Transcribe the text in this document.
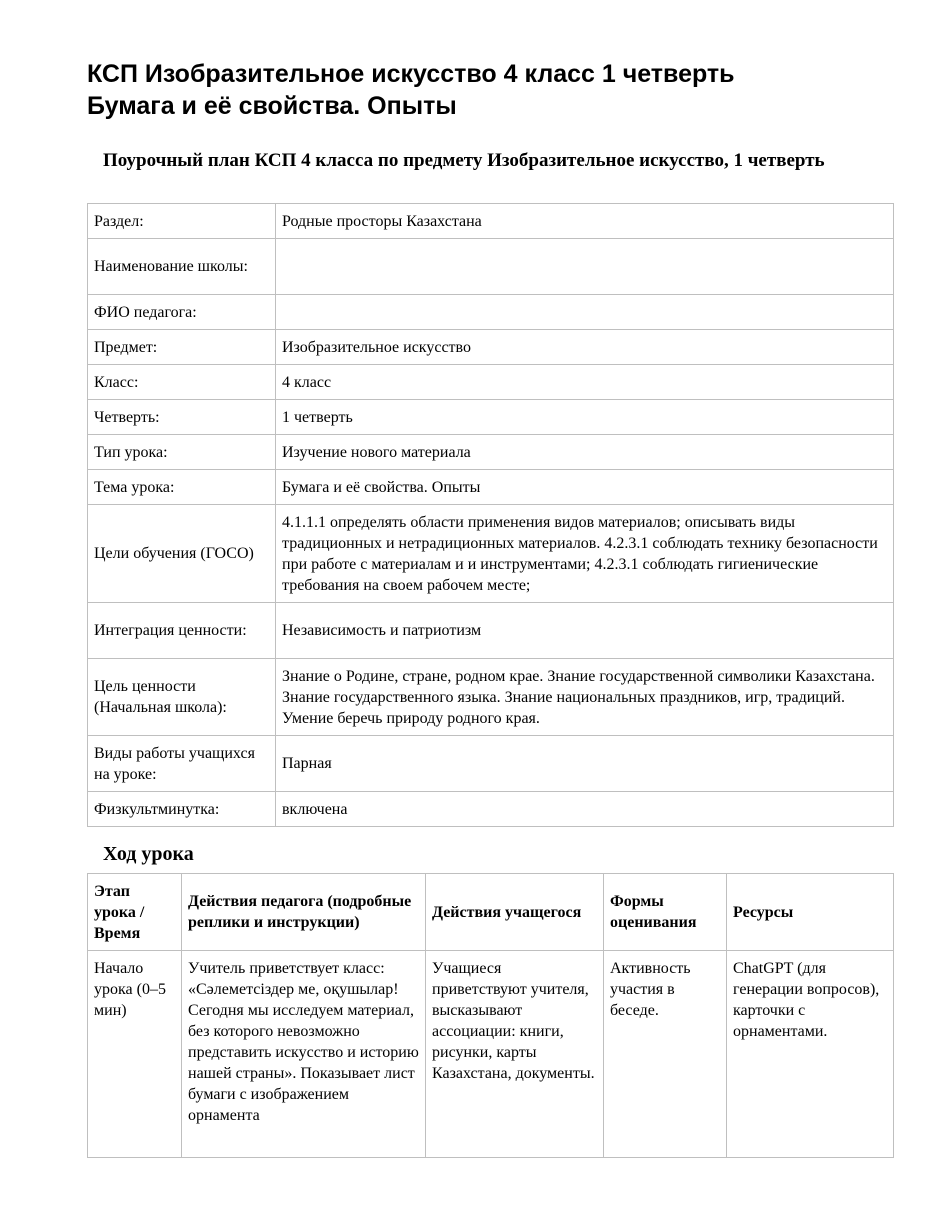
КСП Изобразительное искусство 4 класс 1 четверть
Бумага и её свойства. Опыты
Поурочный план КСП 4 класса по предмету Изобразительное искусство, 1 четверть
Раздел:	Родные просторы Казахстана
Наименование школы:	
ФИО педагога:	
Предмет:	Изобразительное искусство
Класс:	4 класс
Четверть:	1 четверть
Тип урока:	Изучение нового материала
Тема урока:	Бумага и её свойства. Опыты
Цели обучения (ГОСО)	4.1.1.1 определять области применения видов материалов; описывать виды традиционных и нетрадиционных материалов. 4.2.3.1 соблюдать технику безопасности при работе с материалам и и инструментами; 4.2.3.1 соблюдать гигиенические требования на своем рабочем месте;
Интеграция ценности:	Независимость и патриотизм
Цель ценности (Начальная школа):	Знание о Родине, стране, родном крае. Знание государственной символики Казахстана. Знание государственного языка. Знание национальных праздников, игр, традиций. Умение беречь природу родного края.
Виды работы учащихся на уроке:	Парная
Физкультминутка:	включена
Ход урока
Этап урока / Время	Действия педагога (подробные реплики и инструкции)	Действия учащегося	Формы оценивания	Ресурсы
Начало урока (0–5 мин)	Учитель приветствует класс: «Сәлеметсіздер ме, оқушылар! Сегодня мы исследуем материал, без которого невозможно представить искусство и историю нашей страны». Показывает лист бумаги с изображением орнамента	Учащиеся приветствуют учителя, высказывают ассоциации: книги, рисунки, карты Казахстана, документы.	Активность участия в беседе.	ChatGPT (для генерации вопросов), карточки с орнаментами.
